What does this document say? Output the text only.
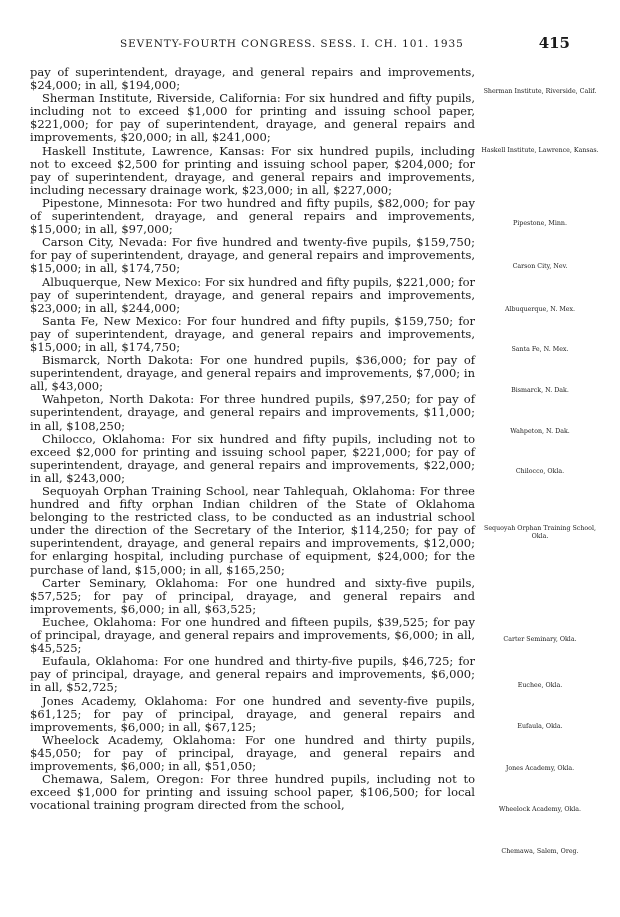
SEVENTY-FOURTH CONGRESS. SESS. I. CH. 101. 1935	415

pay of superintendent, drayage, and general repairs and improvements, $24,000; in all, $194,000;

Sherman Institute, Riverside, California: For six hundred and fifty pupils, including not to exceed $1,000 for printing and issuing school paper, $221,000; for pay of superintendent, drayage, and general repairs and improvements, $20,000; in all, $241,000;

Haskell Institute, Lawrence, Kansas: For six hundred pupils, including not to exceed $2,500 for printing and issuing school paper, $204,000; for pay of superintendent, drayage, and general repairs and improvements, including necessary drainage work, $23,000; in all, $227,000;

Pipestone, Minnesota: For two hundred and fifty pupils, $82,000; for pay of superintendent, drayage, and general repairs and improvements, $15,000; in all, $97,000;

Carson City, Nevada: For five hundred and twenty-five pupils, $159,750; for pay of superintendent, drayage, and general repairs and improvements, $15,000; in all, $174,750;

Albuquerque, New Mexico: For six hundred and fifty pupils, $221,000; for pay of superintendent, drayage, and general repairs and improvements, $23,000; in all, $244,000;

Santa Fe, New Mexico: For four hundred and fifty pupils, $159,750; for pay of superintendent, drayage, and general repairs and improvements, $15,000; in all, $174,750;

Bismarck, North Dakota: For one hundred pupils, $36,000; for pay of superintendent, drayage, and general repairs and improvements, $7,000; in all, $43,000;

Wahpeton, North Dakota: For three hundred pupils, $97,250; for pay of superintendent, drayage, and general repairs and improvements, $11,000; in all, $108,250;

Chilocco, Oklahoma: For six hundred and fifty pupils, including not to exceed $2,000 for printing and issuing school paper, $221,000; for pay of superintendent, drayage, and general repairs and improvements, $22,000; in all, $243,000;

Sequoyah Orphan Training School, near Tahlequah, Oklahoma: For three hundred and fifty orphan Indian children of the State of Oklahoma belonging to the restricted class, to be conducted as an industrial school under the direction of the Secretary of the Interior, $114,250; for pay of superintendent, drayage, and general repairs and improvements, $12,000; for enlarging hospital, including purchase of equipment, $24,000; for the purchase of land, $15,000; in all, $165,250;

Carter Seminary, Oklahoma: For one hundred and sixty-five pupils, $57,525; for pay of principal, drayage, and general repairs and improvements, $6,000; in all, $63,525;

Euchee, Oklahoma: For one hundred and fifteen pupils, $39,525; for pay of principal, drayage, and general repairs and improvements, $6,000; in all, $45,525;

Eufaula, Oklahoma: For one hundred and thirty-five pupils, $46,725; for pay of principal, drayage, and general repairs and improvements, $6,000; in all, $52,725;

Jones Academy, Oklahoma: For one hundred and seventy-five pupils, $61,125; for pay of principal, drayage, and general repairs and improvements, $6,000; in all, $67,125;

Wheelock Academy, Oklahoma: For one hundred and thirty pupils, $45,050; for pay of principal, drayage, and general repairs and improvements, $6,000; in all, $51,050;

Chemawa, Salem, Oregon: For three hundred pupils, including not to exceed $1,000 for printing and issuing school paper, $106,500; for local vocational training program directed from the school,

Sherman Institute, Riverside, Calif.
Haskell Institute, Lawrence, Kansas.
Pipestone, Minn.
Carson City, Nev.
Albuquerque, N. Mex.
Santa Fe, N. Mex.
Bismarck, N. Dak.
Wahpeton, N. Dak.
Chilocco, Okla.
Sequoyah Orphan Training School, Okla.
Carter Seminary, Okla.
Euchee, Okla.
Eufaula, Okla.
Jones Academy, Okla.
Wheelock Academy, Okla.
Chemawa, Salem, Oreg.
